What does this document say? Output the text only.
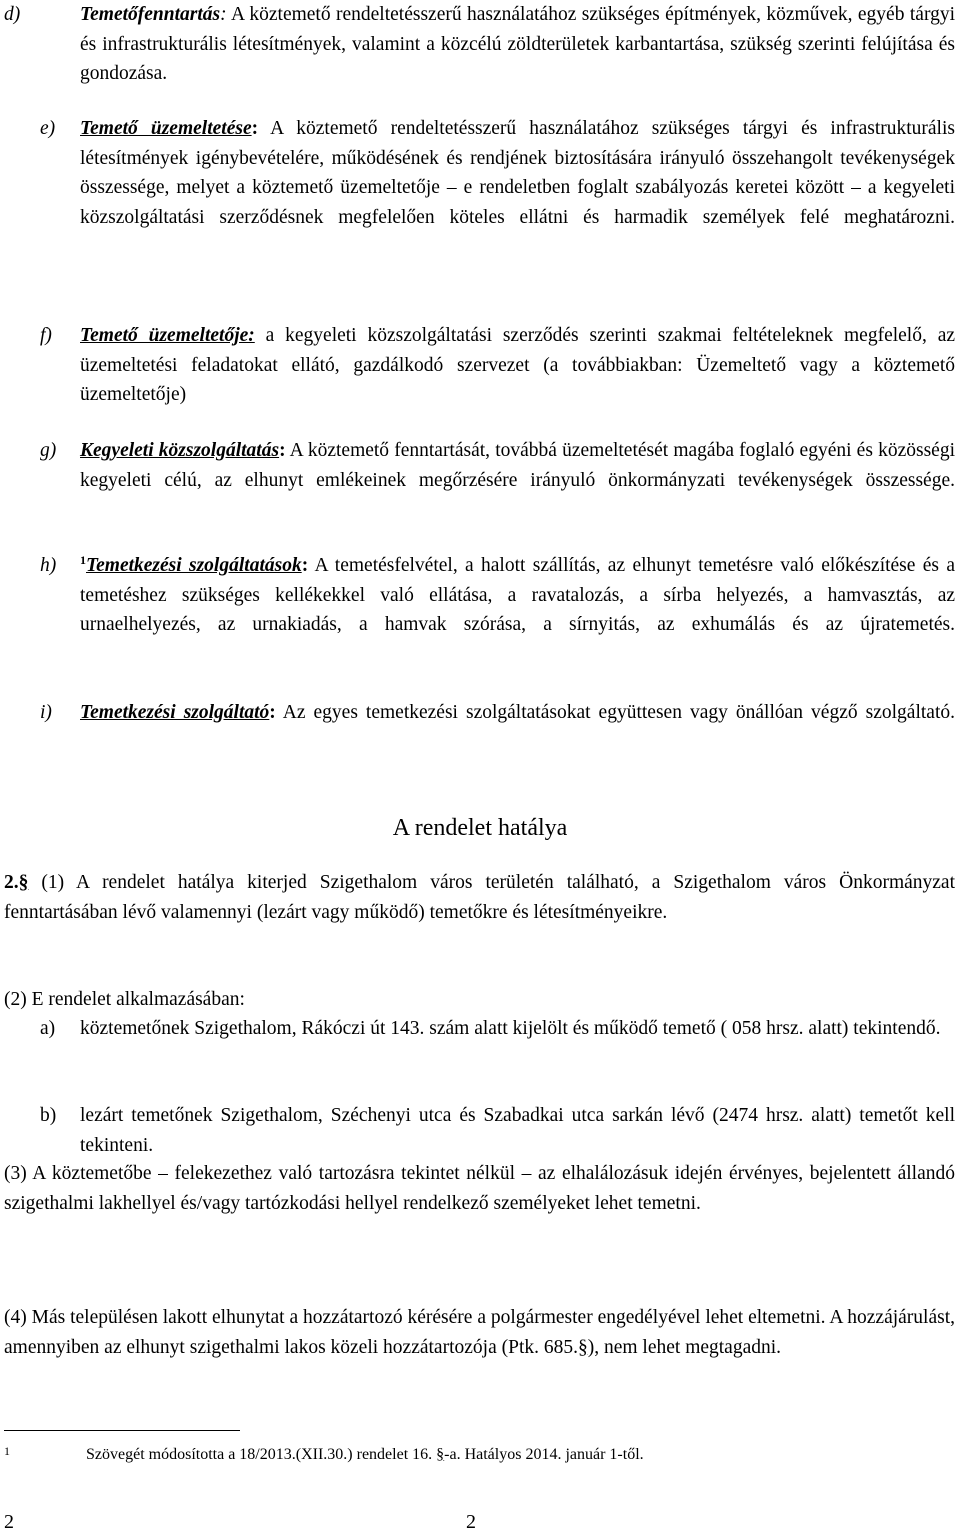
d)	Temetőfenntartás: A köztemető rendeltetésszerű használatához szükséges építmények, közművek, egyéb tárgyi és infrastrukturális létesítmények, valamint a közcélú zöldterületek karbantartása, szükség szerinti felújítása és gondozása.
e) Temető üzemeltetése: A köztemető rendeltetésszerű használatához szükséges tárgyi és infrastrukturális létesítmények igénybevételére, működésének és rendjének biztosítására irányuló összehangolt tevékenységek összessége, melyet a köztemető üzemeltetője – e rendeletben foglalt szabályozás keretei között – a kegyeleti közszolgáltatási szerződésnek megfelelően köteles ellátni és harmadik személyek felé meghatározni.
f) Temető üzemeltetője: a kegyeleti közszolgáltatási szerződés szerinti szakmai feltételeknek megfelelő, az üzemeltetési feladatokat ellátó, gazdálkodó szervezet (a továbbiakban: Üzemeltető vagy a köztemető üzemeltetője)
g) Kegyeleti közszolgáltatás: A köztemető fenntartását, továbbá üzemeltetését magába foglaló egyéni és közösségi kegyeleti célú, az elhunyt emlékeinek megőrzésére irányuló önkormányzati tevékenységek összessége.
h) $^1$Temetkezési szolgáltatások: A temetésfelvétel, a halott szállítás, az elhunyt temetésre való előkészítése és a temetéshez szükséges kellékekkel való ellátása, a ravatalozás, a sírba helyezés, a hamvasztás, az urnaelhelyezés, az urnakiadás, a hamvak szórása, a sírnyitás, az exhumálás és az újratemetés.
i) Temetkezési szolgáltató: Az egyes temetkezési szolgáltatásokat együttesen vagy önállóan végző szolgáltató.
A rendelet hatálya
2.§ (1) A rendelet hatálya kiterjed Szigethalom város területén található, a Szigethalom város Önkormányzat fenntartásában lévő valamennyi (lezárt vagy működő) temetőkre és létesítményeikre.
(2) E rendelet alkalmazásában:
a) köztemetőnek Szigethalom, Rákóczi út 143. szám alatt kijelölt és működő temető ( 058 hrsz. alatt) tekintendő.
b) lezárt temetőnek Szigethalom, Széchenyi utca és Szabadkai utca sarkán lévő (2474 hrsz. alatt) temetőt kell tekinteni.
(3) A köztemetőbe – felekezethez való tartozásra tekintet nélkül – az elhalálozásuk idején érvényes, bejelentett állandó szigethalmi lakhellyel és/vagy tartózkodási hellyel rendelkező személyeket lehet temetni.
(4) Más településen lakott elhunytat a hozzátartozó kérésére a polgármester engedélyével lehet eltemetni. A hozzájárulást, amennyiben az elhunyt szigethalmi lakos közeli hozzátartozója (Ptk. 685.§), nem lehet megtagadni.
1	Szövegét módosította a 18/2013.(XII.30.) rendelet 16. §-a. Hatályos 2014. január 1-től.
2	2
